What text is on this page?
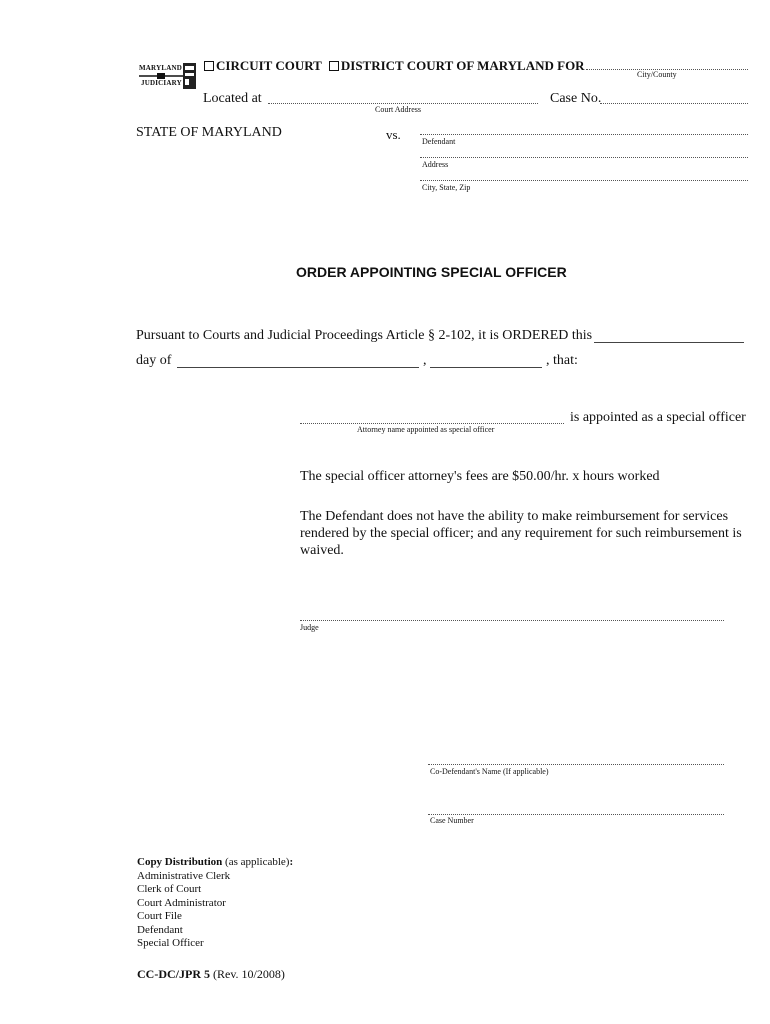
MARYLAND
JUDICIARY
CIRCUIT COURT DISTRICT COURT OF MARYLAND FOR
City/County
Located at
Court Address
Case No.
STATE OF MARYLAND	vs.	Defendant
Address
City, State, Zip
ORDER APPOINTING SPECIAL OFFICER
Pursuant to Courts and Judicial Proceedings Article § 2-102, it is ORDERED this
day of	,	, that:
Attorney name appointed as special officer
is appointed as a special officer
The special officer attorney's fees are $50.00/hr. x hours worked
The Defendant does not have the ability to make reimbursement for services rendered by the special officer; and any requirement for such reimbursement is waived.
Judge
Co-Defendant's Name (If applicable)
Case Number
Copy Distribution (as applicable):
Administrative Clerk
Clerk of Court
Court Administrator
Court File
Defendant
Special Officer
CC-DC/JPR 5 (Rev. 10/2008)
